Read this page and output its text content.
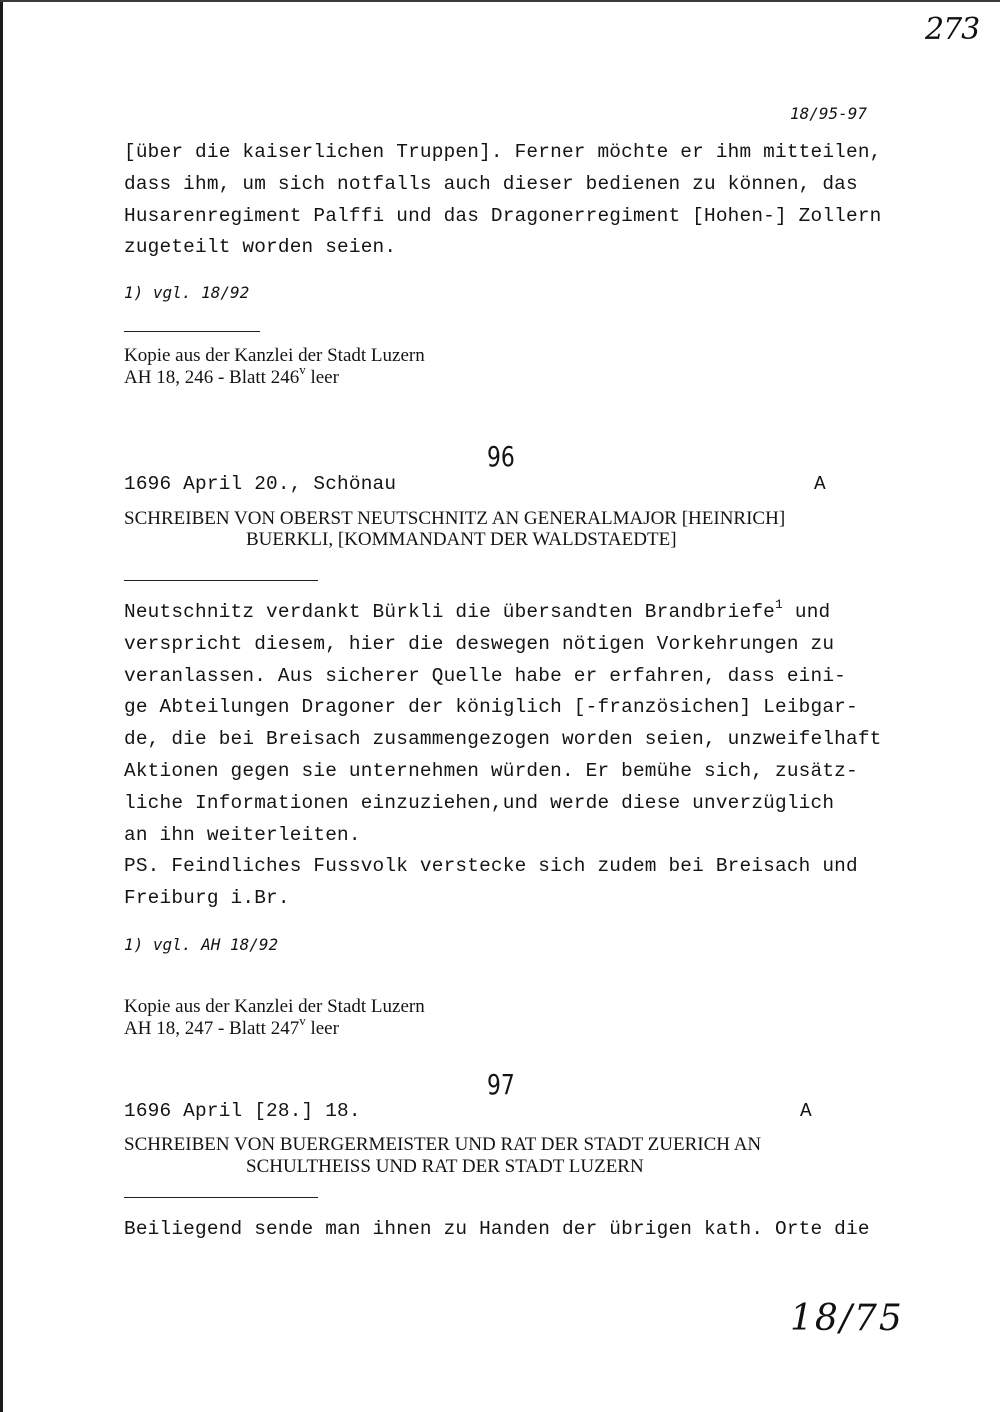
273
18/95-97
[über die kaiserlichen Truppen]. Ferner möchte er ihm mitteilen,
dass ihm, um sich notfalls auch dieser bedienen zu können, das
Husarenregiment Palffi und das Dragonerregiment [Hohen-] Zollern
zugeteilt worden seien.
1) vgl. 18/92
Kopie aus der Kanzlei der Stadt Luzern
AH 18, 246 - Blatt 246$^v$ leer
96
1696 April 20., Schönau	A
SCHREIBEN VON OBERST NEUTSCHNITZ AN GENERALMAJOR [HEINRICH]
BUERKLI, [KOMMANDANT DER WALDSTAEDTE]
Neutschnitz verdankt Bürkli die übersandten Brandbriefe$^1$ und
verspricht diesem, hier die deswegen nötigen Vorkehrungen zu
veranlassen. Aus sicherer Quelle habe er erfahren, dass eini-
ge Abteilungen Dragoner der königlich [-französichen] Leibgar-
de, die bei Breisach zusammengezogen worden seien, unzweifelhaft
Aktionen gegen sie unternehmen würden. Er bemühe sich, zusätz-
liche Informationen einzuziehen,und werde diese unverzüglich
an ihn weiterleiten.
PS. Feindliches Fussvolk verstecke sich zudem bei Breisach und
Freiburg i.Br.
1) vgl. AH 18/92
Kopie aus der Kanzlei der Stadt Luzern
AH 18, 247 - Blatt 247$^v$ leer
97
1696 April [28.] 18.	A
SCHREIBEN VON BUERGERMEISTER UND RAT DER STADT ZUERICH AN
SCHULTHEISS UND RAT DER STADT LUZERN
Beiliegend sende man ihnen zu Handen der übrigen kath. Orte die
18/75
